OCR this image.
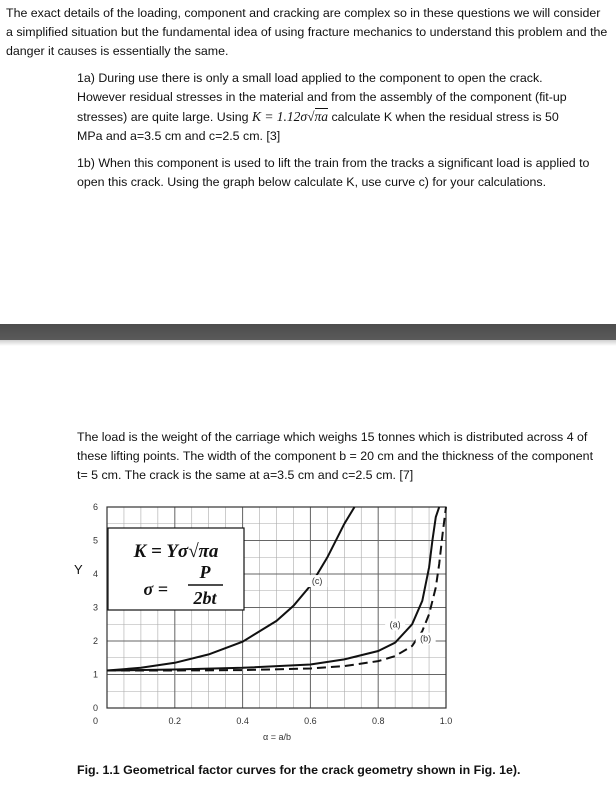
The exact details of the loading, component and cracking are complex so in these questions we will consider a simplified situation but the fundamental idea of using fracture mechanics to understand this problem and the danger it causes is essentially the same.

1a) During use there is only a small load applied to the component to open the crack.
However residual stresses in the material and from the assembly of the component (fit-up
stresses) are quite large. Using K = 1.12σ√πa calculate K when the residual stress is 50
MPa and a=3.5 cm and c=2.5 cm. [3]

1b) When this component is used to lift the train from the tracks a significant load is applied to open this crack. Using the graph below calculate K, use curve c) for your calculations.

The load is the weight of the carriage which weighs 15 tonnes which is distributed across 4 of these lifting points. The width of the component b = 20 cm and the thickness of the component t= 5 cm. The crack is the same at a=3.5 cm and c=2.5 cm. [7]

0
1
2
3
4
5
6
0.2	0.4	0.6	0.8	1.0
0
(a)
(b)
(c)
K = Yσ√πa
σ =
P
2bt
Y
α = a/b

Fig. 1.1 Geometrical factor curves for the crack geometry shown in Fig. 1e).
